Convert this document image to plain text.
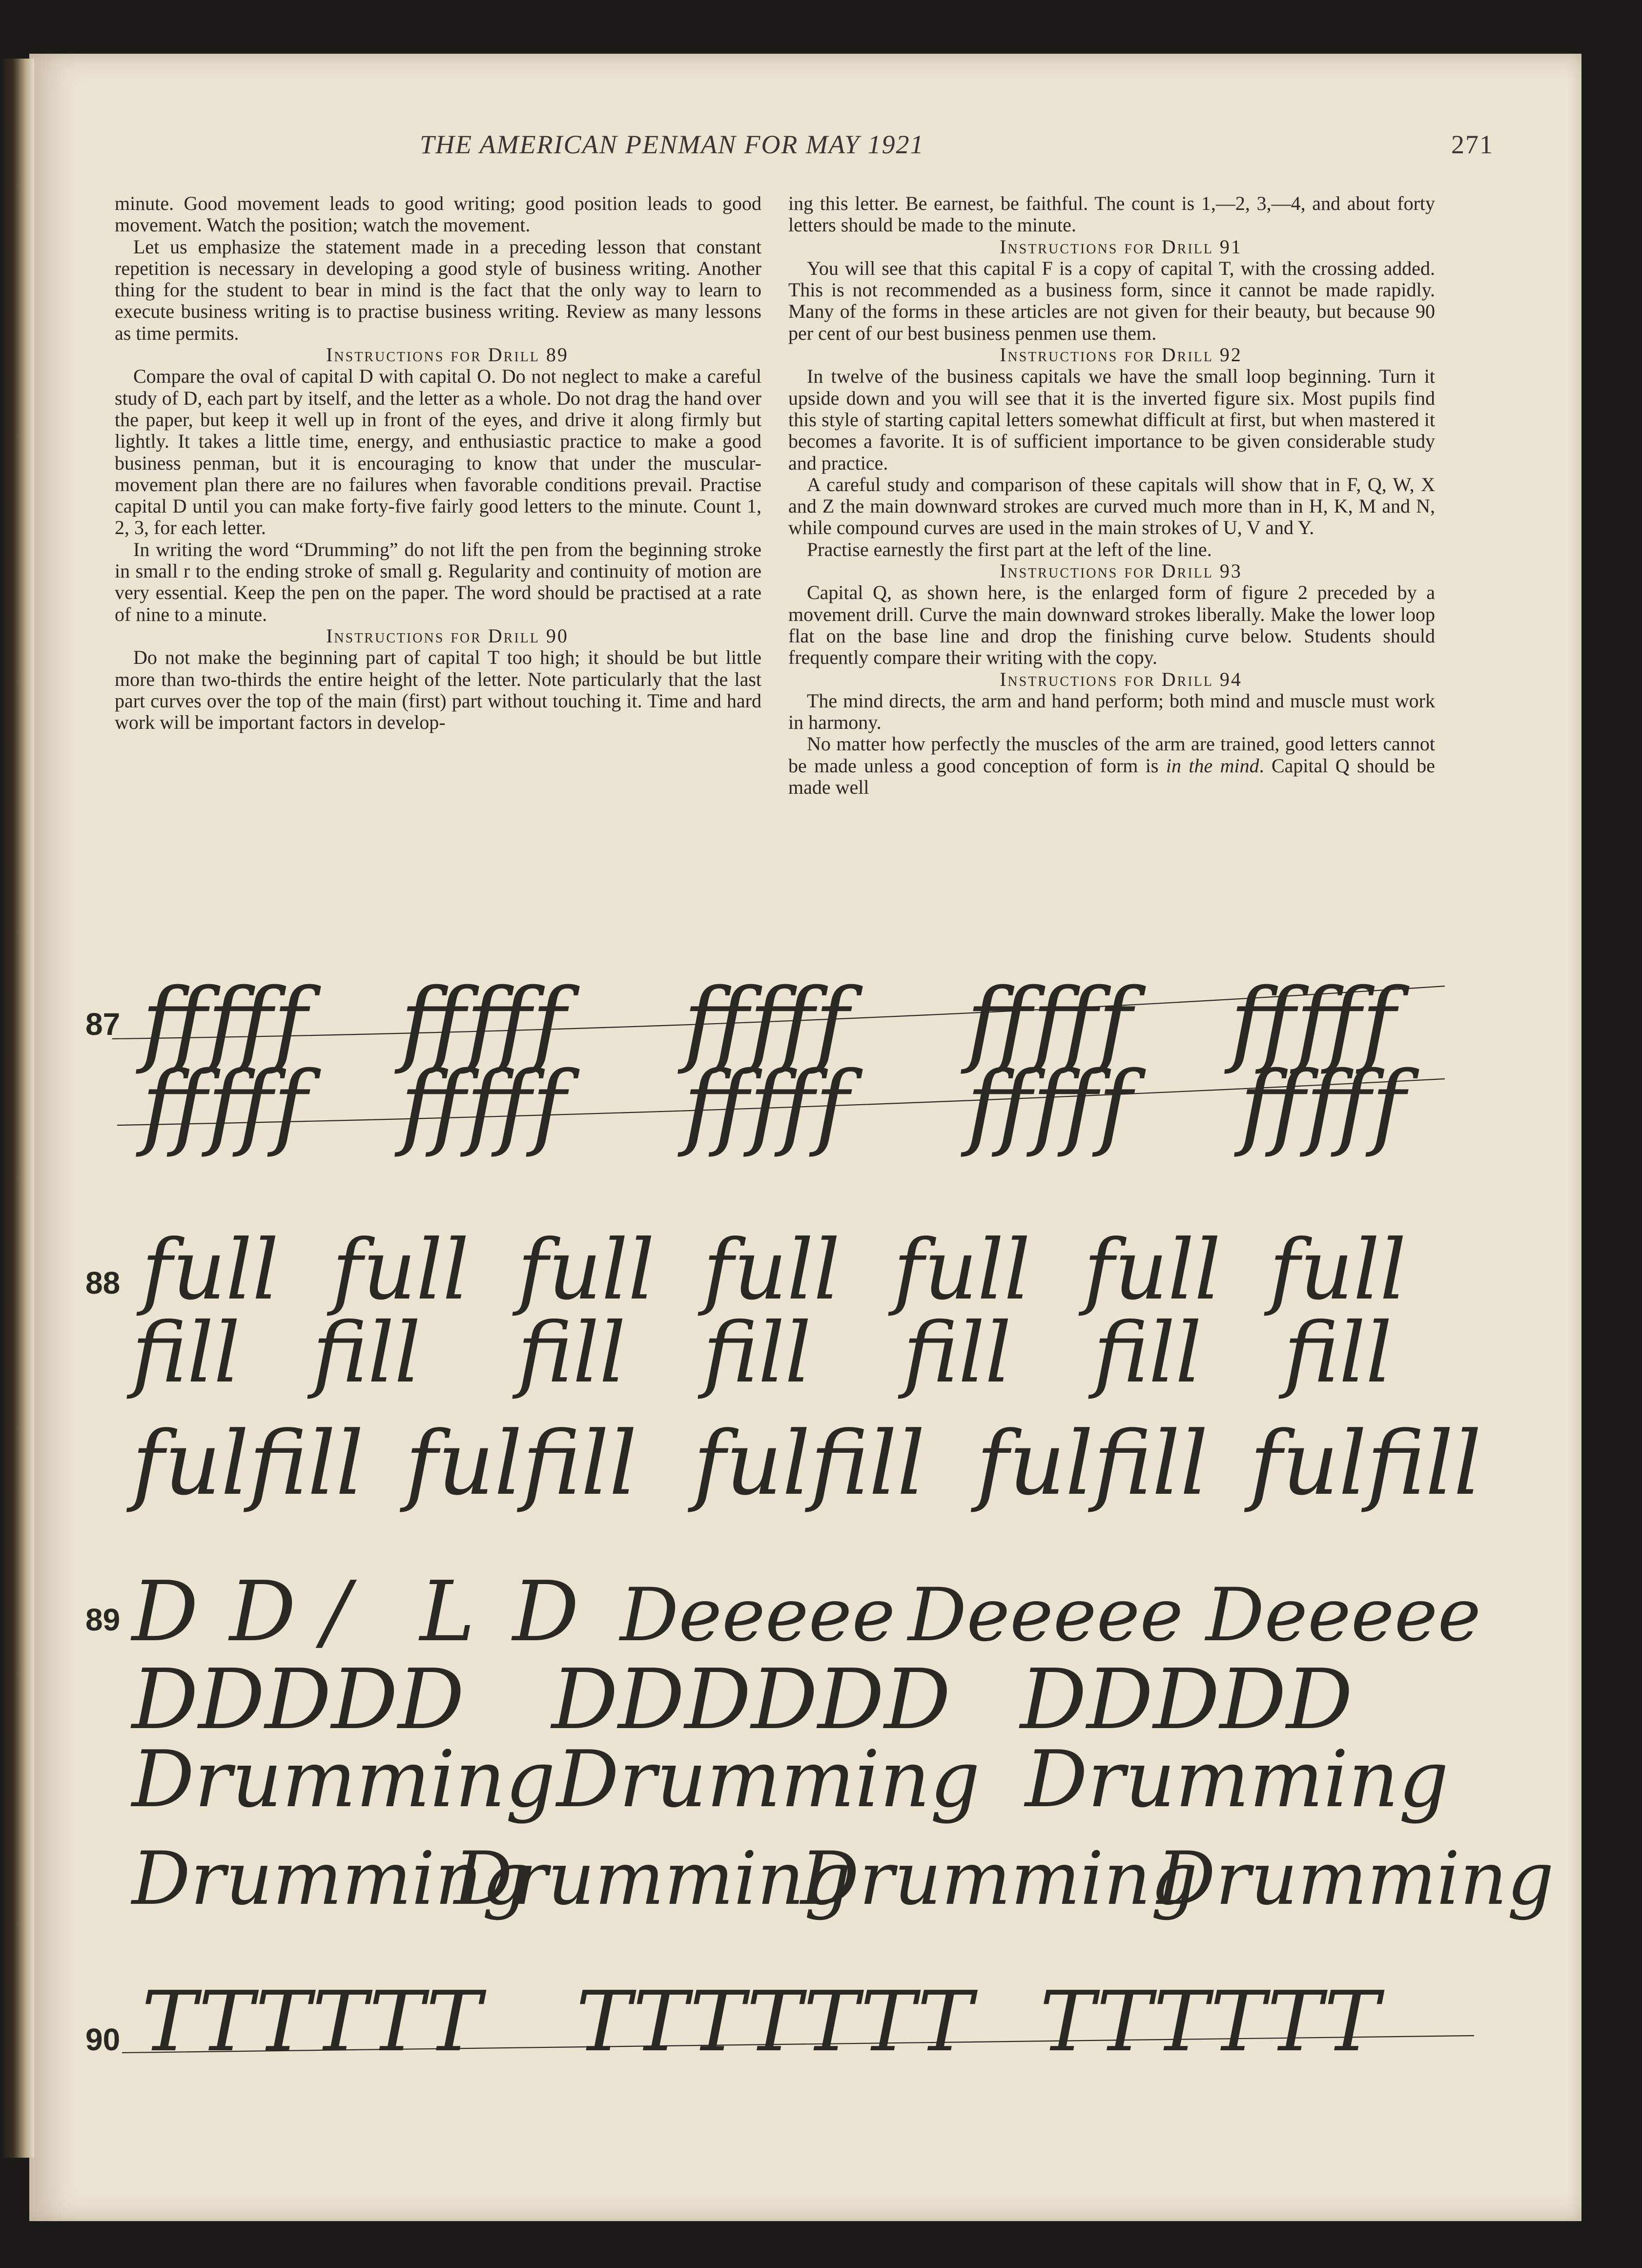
THE AMERICAN PENMAN FOR MAY 1921	271

minute. Good movement leads to good writing; good position leads to good movement. Watch the position; watch the movement.

Let us emphasize the statement made in a preceding lesson that constant repetition is necessary in developing a good style of business writing. Another thing for the student to bear in mind is the fact that the only way to learn to execute business writing is to practise business writing. Review as many lessons as time permits.

Instructions for Drill 89

Compare the oval of capital D with capital O. Do not neglect to make a careful study of D, each part by itself, and the letter as a whole. Do not drag the hand over the paper, but keep it well up in front of the eyes, and drive it along firmly but lightly. It takes a little time, energy, and enthusiastic practice to make a good business penman, but it is encouraging to know that under the muscular-movement plan there are no failures when favorable conditions prevail. Practise capital D until you can make forty-five fairly good letters to the minute. Count 1, 2, 3, for each letter.

In writing the word “Drumming” do not lift the pen from the beginning stroke in small r to the ending stroke of small g. Regularity and continuity of motion are very essential. Keep the pen on the paper. The word should be practised at a rate of nine to a minute.

Instructions for Drill 90

Do not make the beginning part of capital T too high; it should be but little more than two-thirds the entire height of the letter. Note particularly that the last part curves over the top of the main (first) part without touching it. Time and hard work will be important factors in develop-

ing this letter. Be earnest, be faithful. The count is 1,—2, 3,—4, and about forty letters should be made to the minute.

Instructions for Drill 91

You will see that this capital F is a copy of capital T, with the crossing added. This is not recommended as a business form, since it cannot be made rapidly. Many of the forms in these articles are not given for their beauty, but because 90 per cent of our best business penmen use them.

Instructions for Drill 92

In twelve of the business capitals we have the small loop beginning. Turn it upside down and you will see that it is the inverted figure six. Most pupils find this style of starting capital letters somewhat difficult at first, but when mastered it becomes a favorite. It is of sufficient importance to be given considerable study and practice.

A careful study and comparison of these capitals will show that in F, Q, W, X and Z the main downward strokes are curved much more than in H, K, M and N, while compound curves are used in the main strokes of U, V and Y.

Practise earnestly the first part at the left of the line.

Instructions for Drill 93

Capital Q, as shown here, is the enlarged form of figure 2 preceded by a movement drill. Curve the main downward strokes liberally. Make the lower loop flat on the base line and drop the finishing curve below. Students should frequently compare their writing with the copy.

Instructions for Drill 94

The mind directs, the arm and hand perform; both mind and muscle must work in harmony.

No matter how perfectly the muscles of the arm are trained, good letters cannot be made unless a good conception of form is in the mind. Capital Q should be made well

87 fffff fffff fffff fffff fffff
fffff fffff fffff fffff fffff
88 full full full full full full full
fill fill fill fill fill fill fill
fulfill fulfill fulfill fulfill fulfill
89 D D / L D Deeeee Deeeee Deeeee
DDDDD DDDDDD DDDDD
Drumming Drumming Drumming
Drumming
Drumming
Drumming
Drumming
90 TTTTTT TTTTTTT TTTTTT
